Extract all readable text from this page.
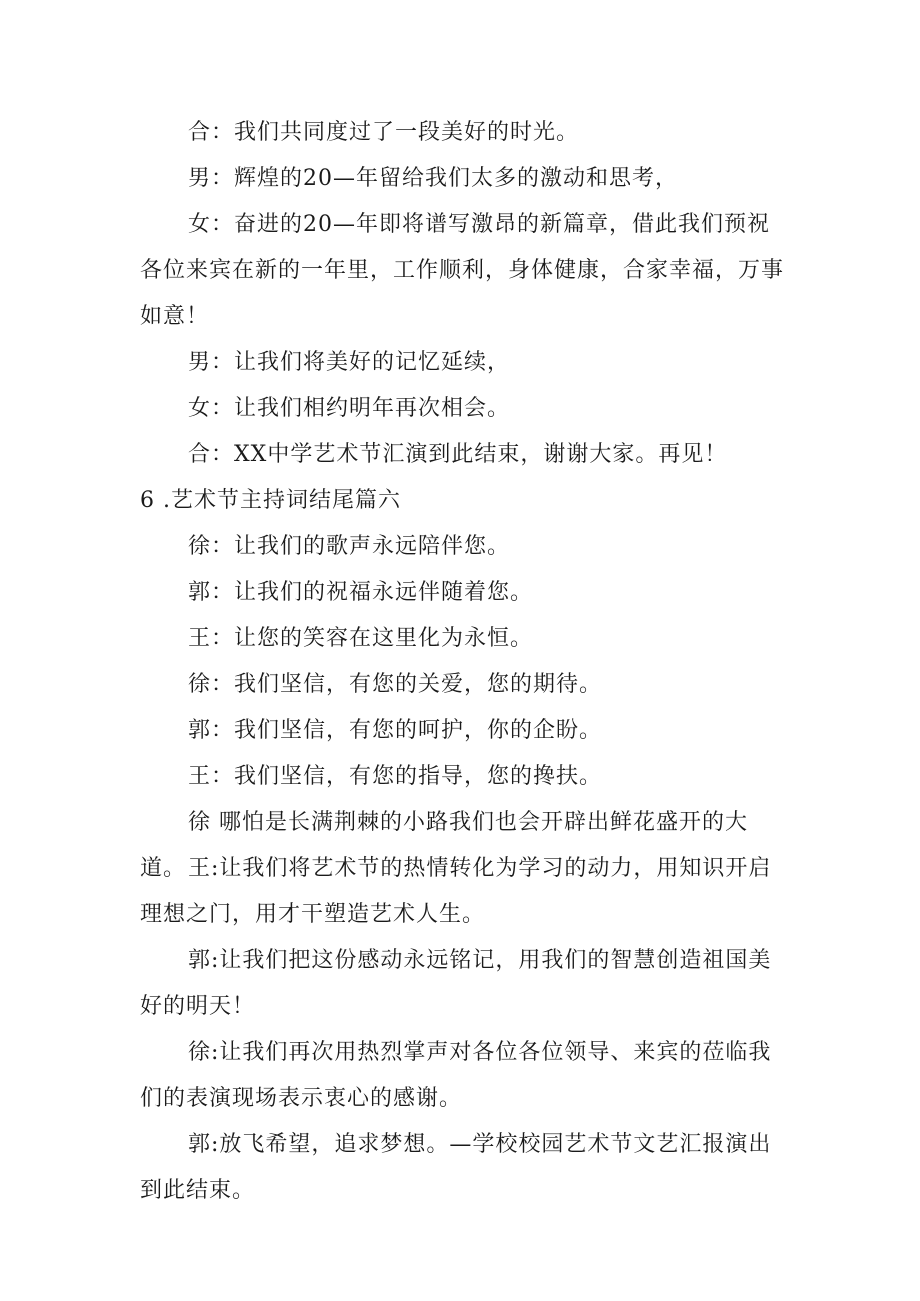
合：我们共同度过了一段美好的时光。

男：辉煌的20—年留给我们太多的激动和思考，

女：奋进的20—年即将谱写激昂的新篇章，借此我们预祝各位来宾在新的一年里，工作顺利，身体健康，合家幸福，万事如意！

男：让我们将美好的记忆延续，

女：让我们相约明年再次相会。

合：XX中学艺术节汇演到此结束，谢谢大家。再见！

6 .艺术节主持词结尾篇六

徐：让我们的歌声永远陪伴您。

郭：让我们的祝福永远伴随着您。

王：让您的笑容在这里化为永恒。

徐：我们坚信，有您的关爱，您的期待。

郭：我们坚信，有您的呵护，你的企盼。

王：我们坚信，有您的指导，您的搀扶。

徐 哪怕是长满荆棘的小路我们也会开辟出鲜花盛开的大道。 王:让我们将艺术节的热情转化为学习的动力，用知识开启理想之门，用才干塑造艺术人生。

郭:让我们把这份感动永远铭记，用我们的智慧创造祖国美好的明天！

徐:让我们再次用热烈掌声对各位各位领导、来宾的莅临我们的表演现场表示衷心的感谢。

郭:放飞希望，追求梦想。—学校校园艺术节文艺汇报演出到此结束。
